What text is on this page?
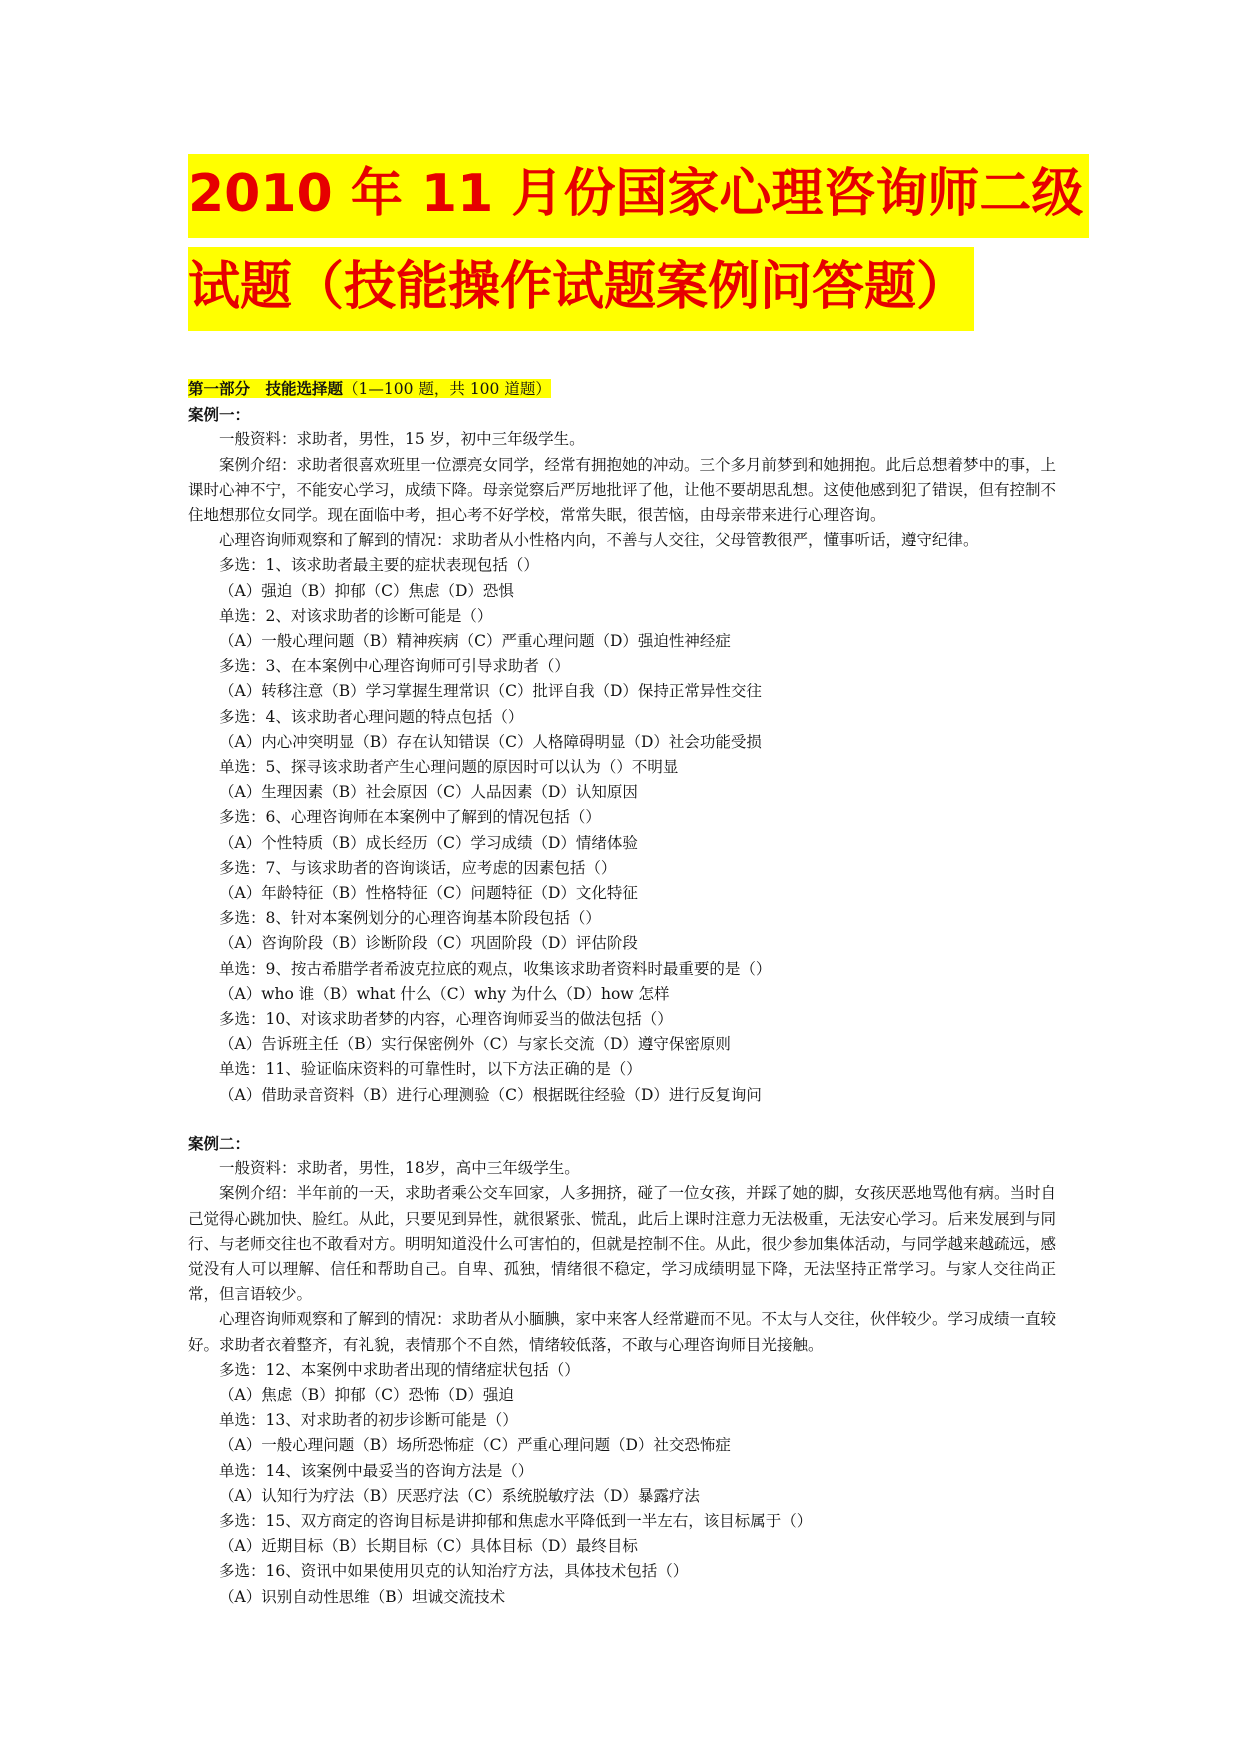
2010 年 11 月份国家心理咨询师二级
试题（技能操作试题案例问答题）
第一部分　技能选择题（1—100 题，共 100 道题）
案例一：
一般资料：求助者，男性，15 岁，初中三年级学生。
案例介绍：求助者很喜欢班里一位漂亮女同学，经常有拥抱她的冲动。三个多月前梦到和她拥抱。此后总想着梦中的事，上课时心神不宁，不能安心学习，成绩下降。母亲觉察后严厉地批评了他，让他不要胡思乱想。这使他感到犯了错误，但有控制不住地想那位女同学。现在面临中考，担心考不好学校，常常失眠，很苦恼，由母亲带来进行心理咨询。
心理咨询师观察和了解到的情况：求助者从小性格内向，不善与人交往，父母管教很严，懂事听话，遵守纪律。
多选：1、该求助者最主要的症状表现包括（）
（A）强迫（B）抑郁（C）焦虑（D）恐惧
单选：2、对该求助者的诊断可能是（）
（A）一般心理问题（B）精神疾病（C）严重心理问题（D）强迫性神经症
多选：3、在本案例中心理咨询师可引导求助者（）
（A）转移注意（B）学习掌握生理常识（C）批评自我（D）保持正常异性交往
多选：4、该求助者心理问题的特点包括（）
（A）内心冲突明显（B）存在认知错误（C）人格障碍明显（D）社会功能受损
单选：5、探寻该求助者产生心理问题的原因时可以认为（）不明显
（A）生理因素（B）社会原因（C）人品因素（D）认知原因
多选：6、心理咨询师在本案例中了解到的情况包括（）
（A）个性特质（B）成长经历（C）学习成绩（D）情绪体验
多选：7、与该求助者的咨询谈话，应考虑的因素包括（）
（A）年龄特征（B）性格特征（C）问题特征（D）文化特征
多选：8、针对本案例划分的心理咨询基本阶段包括（）
（A）咨询阶段（B）诊断阶段（C）巩固阶段（D）评估阶段
单选：9、按古希腊学者希波克拉底的观点，收集该求助者资料时最重要的是（）
（A）who 谁（B）what 什么（C）why 为什么（D）how 怎样
多选：10、对该求助者梦的内容，心理咨询师妥当的做法包括（）
（A）告诉班主任（B）实行保密例外（C）与家长交流（D）遵守保密原则
单选：11、验证临床资料的可靠性时，以下方法正确的是（）
（A）借助录音资料（B）进行心理测验（C）根据既往经验（D）进行反复询问
案例二：
一般资料：求助者，男性，18岁，高中三年级学生。
案例介绍：半年前的一天，求助者乘公交车回家，人多拥挤，碰了一位女孩，并踩了她的脚，女孩厌恶地骂他有病。当时自己觉得心跳加快、脸红。从此，只要见到异性，就很紧张、慌乱，此后上课时注意力无法极重，无法安心学习。后来发展到与同行、与老师交往也不敢看对方。明明知道没什么可害怕的，但就是控制不住。从此，很少参加集体活动，与同学越来越疏远，感觉没有人可以理解、信任和帮助自己。自卑、孤独，情绪很不稳定，学习成绩明显下降，无法坚持正常学习。与家人交往尚正常，但言语较少。
心理咨询师观察和了解到的情况：求助者从小腼腆，家中来客人经常避而不见。不太与人交往，伙伴较少。学习成绩一直较好。求助者衣着整齐，有礼貌，表情那个不自然，情绪较低落，不敢与心理咨询师目光接触。
多选：12、本案例中求助者出现的情绪症状包括（）
（A）焦虑（B）抑郁（C）恐怖（D）强迫
单选：13、对求助者的初步诊断可能是（）
（A）一般心理问题（B）场所恐怖症（C）严重心理问题（D）社交恐怖症
单选：14、该案例中最妥当的咨询方法是（）
（A）认知行为疗法（B）厌恶疗法（C）系统脱敏疗法（D）暴露疗法
多选：15、双方商定的咨询目标是讲抑郁和焦虑水平降低到一半左右，该目标属于（）
（A）近期目标（B）长期目标（C）具体目标（D）最终目标
多选：16、资讯中如果使用贝克的认知治疗方法，具体技术包括（）
（A）识别自动性思维（B）坦诚交流技术
